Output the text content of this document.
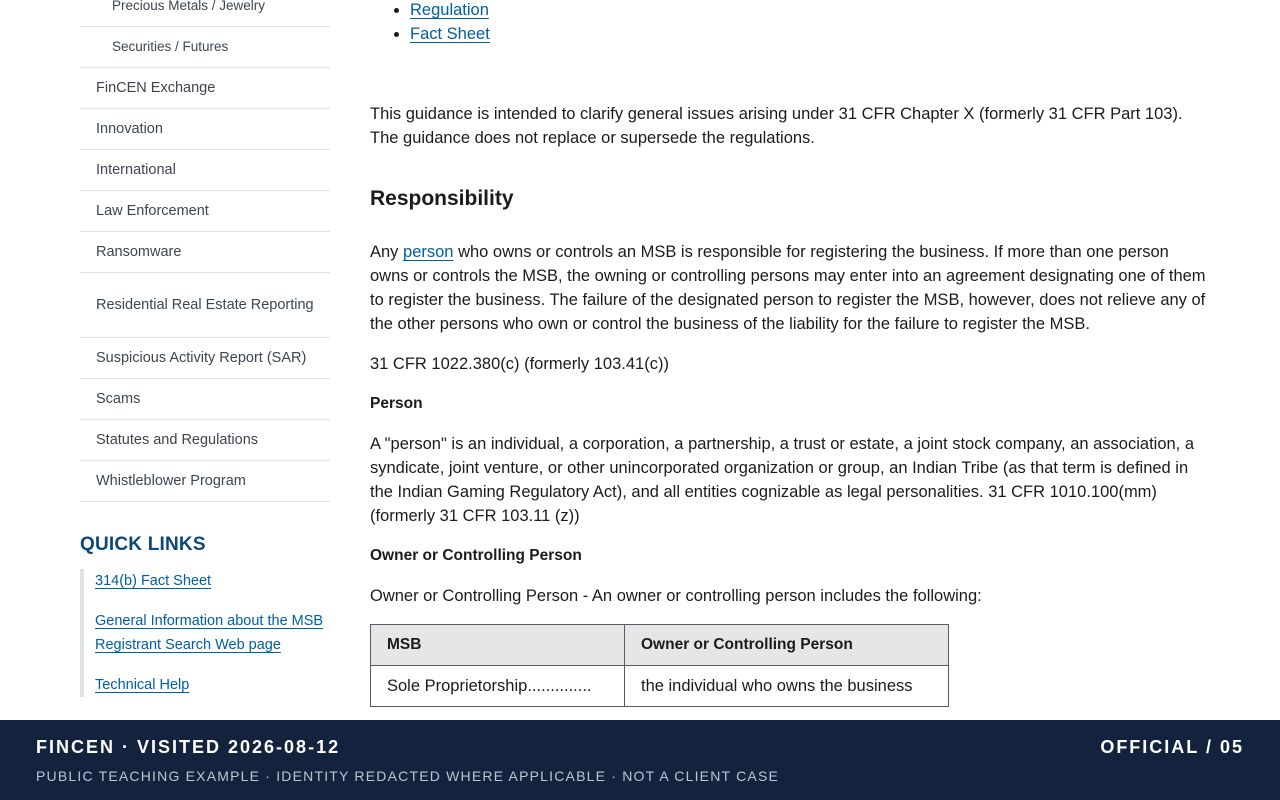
Precious Metals / Jewelry
Securities / Futures
FinCEN Exchange
Innovation
International
Law Enforcement
Ransomware
Residential Real Estate Reporting
Suspicious Activity Report (SAR)
Scams
Statutes and Regulations
Whistleblower Program
QUICK LINKS
314(b) Fact Sheet
General Information about the MSB Registrant Search Web page
Technical Help
• Regulation
• Fact Sheet

This guidance is intended to clarify general issues arising under 31 CFR Chapter X (formerly 31 CFR Part 103). The guidance does not replace or supersede the regulations.

Responsibility

Any person who owns or controls an MSB is responsible for registering the business. If more than one person owns or controls the MSB, the owning or controlling persons may enter into an agreement designating one of them to register the business. The failure of the designated person to register the MSB, however, does not relieve any of the other persons who own or control the business of the liability for the failure to register the MSB.

31 CFR 1022.380(c) (formerly 103.41(c))

Person

A "person" is an individual, a corporation, a partnership, a trust or estate, a joint stock company, an association, a syndicate, joint venture, or other unincorporated organization or group, an Indian Tribe (as that term is defined in the Indian Gaming Regulatory Act), and all entities cognizable as legal personalities. 31 CFR 1010.100(mm) (formerly 31 CFR 103.11 (z))

Owner or Controlling Person

Owner or Controlling Person - An owner or controlling person includes the following:

MSB	Owner or Controlling Person
Sole Proprietorship..............	the individual who owns the business
FINCEN · VISITED 2026-08-12
PUBLIC TEACHING EXAMPLE · IDENTITY REDACTED WHERE APPLICABLE · NOT A CLIENT CASE
OFFICIAL / 05
